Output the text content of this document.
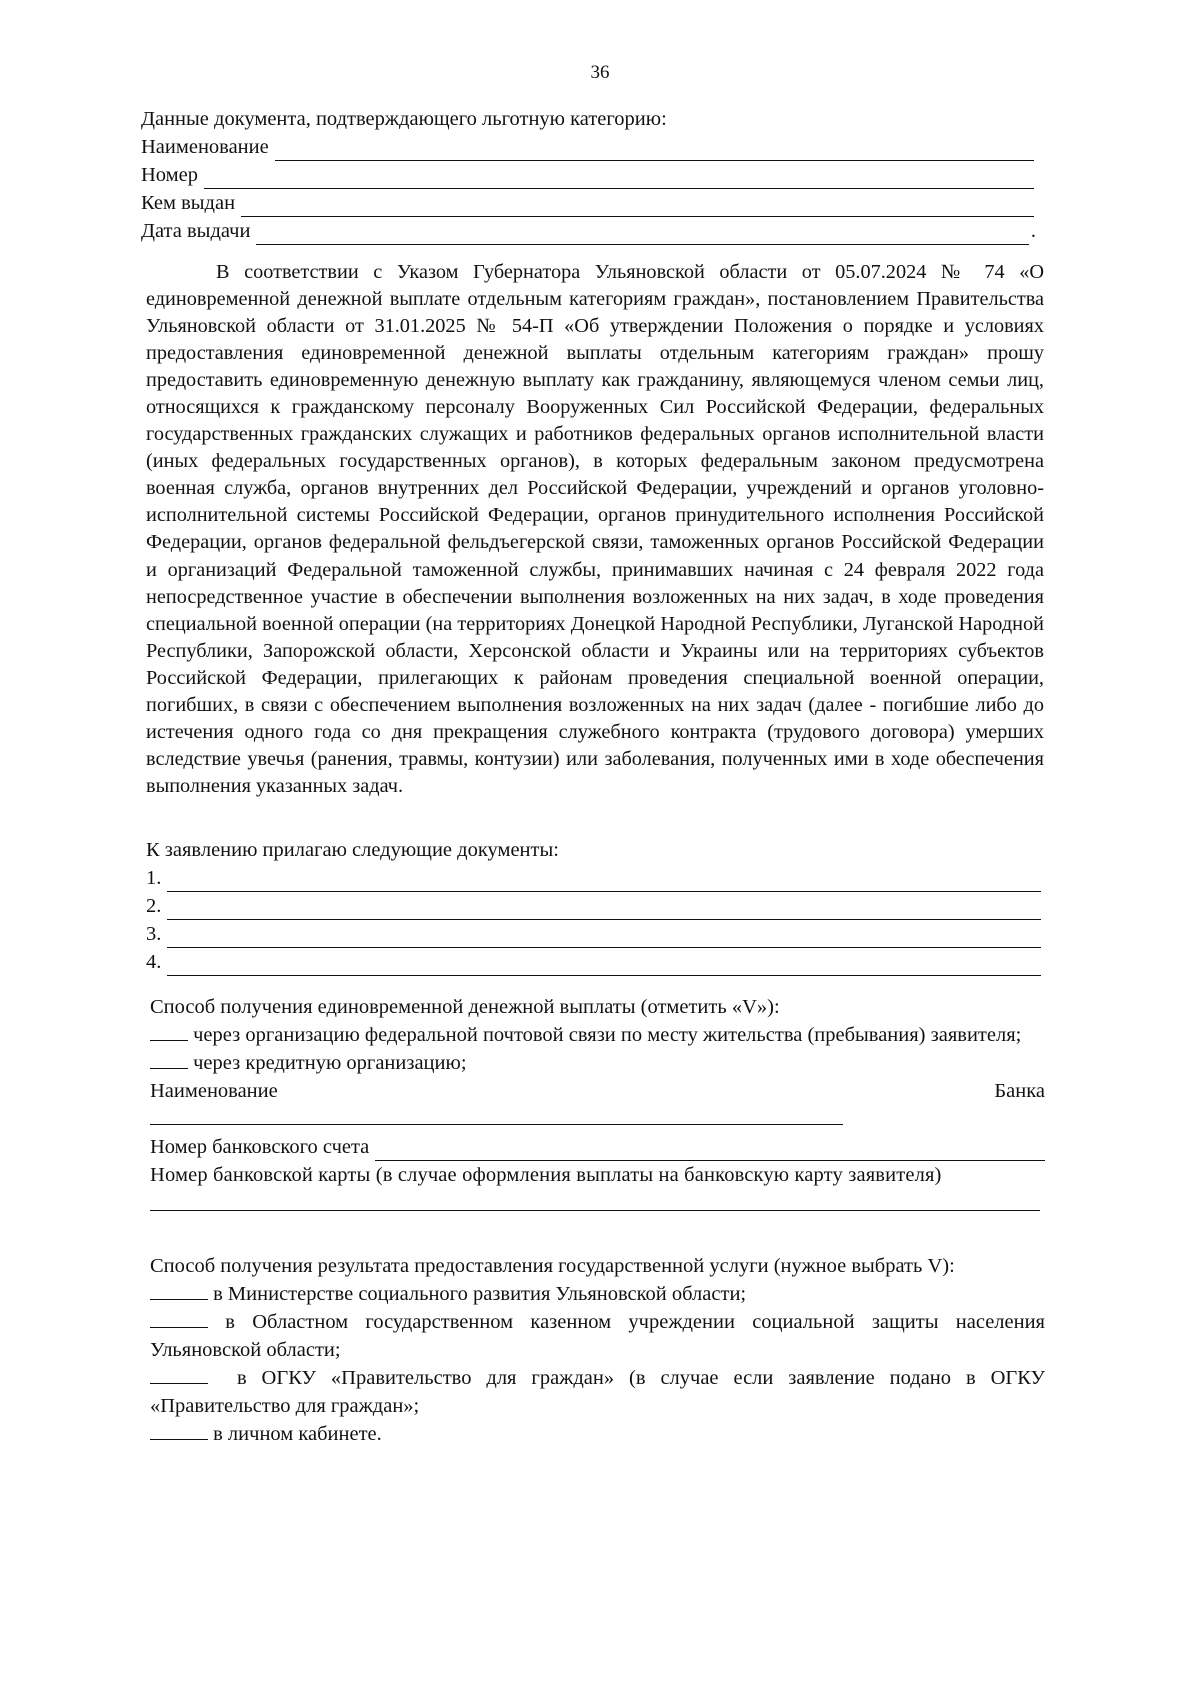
36
Данные документа, подтверждающего льготную категорию:
Наименование
Номер
Кем выдан
Дата выдачи	.
В соответствии с Указом Губернатора Ульяновской области от 05.07.2024 № 74 «О единовременной денежной выплате отдельным категориям граждан», постановлением Правительства Ульяновской области от 31.01.2025 № 54-П «Об утверждении Положения о порядке и условиях предоставления единовременной денежной выплаты отдельным категориям граждан» прошу предоставить единовременную денежную выплату как гражданину, являющемуся членом семьи лиц, относящихся к гражданскому персоналу Вооруженных Сил Российской Федерации, федеральных государственных гражданских служащих и работников федеральных органов исполнительной власти (иных федеральных государственных органов), в которых федеральным законом предусмотрена военная служба, органов внутренних дел Российской Федерации, учреждений и органов уголовно-исполнительной системы Российской Федерации, органов принудительного исполнения Российской Федерации, органов федеральной фельдъегерской связи, таможенных органов Российской Федерации и организаций Федеральной таможенной службы, принимавших начиная с 24 февраля 2022 года непосредственное участие в обеспечении выполнения возложенных на них задач, в ходе проведения специальной военной операции (на территориях Донецкой Народной Республики, Луганской Народной Республики, Запорожской области, Херсонской области и Украины или на территориях субъектов Российской Федерации, прилегающих к районам проведения специальной военной операции, погибших, в связи с обеспечением выполнения возложенных на них задач (далее - погибшие либо до истечения одного года со дня прекращения служебного контракта (трудового договора) умерших вследствие увечья (ранения, травмы, контузии) или заболевания, полученных ими в ходе обеспечения выполнения указанных задач.
К заявлению прилагаю следующие документы:
1.
2.
3.
4.
Способ получения единовременной денежной выплаты (отметить «V»):
через организацию федеральной почтовой связи по месту жительства (пребывания) заявителя;
через кредитную организацию;
Наименование	Банка
Номер банковского счета
Номер банковской карты (в случае оформления выплаты на банковскую карту заявителя)
Способ получения результата предоставления государственной услуги (нужное выбрать V):
в Министерстве социального развития Ульяновской области;
в Областном государственном казенном учреждении социальной защиты населения Ульяновской области;
в ОГКУ «Правительство для граждан» (в случае если заявление подано в ОГКУ «Правительство для граждан»;
в личном кабинете.
